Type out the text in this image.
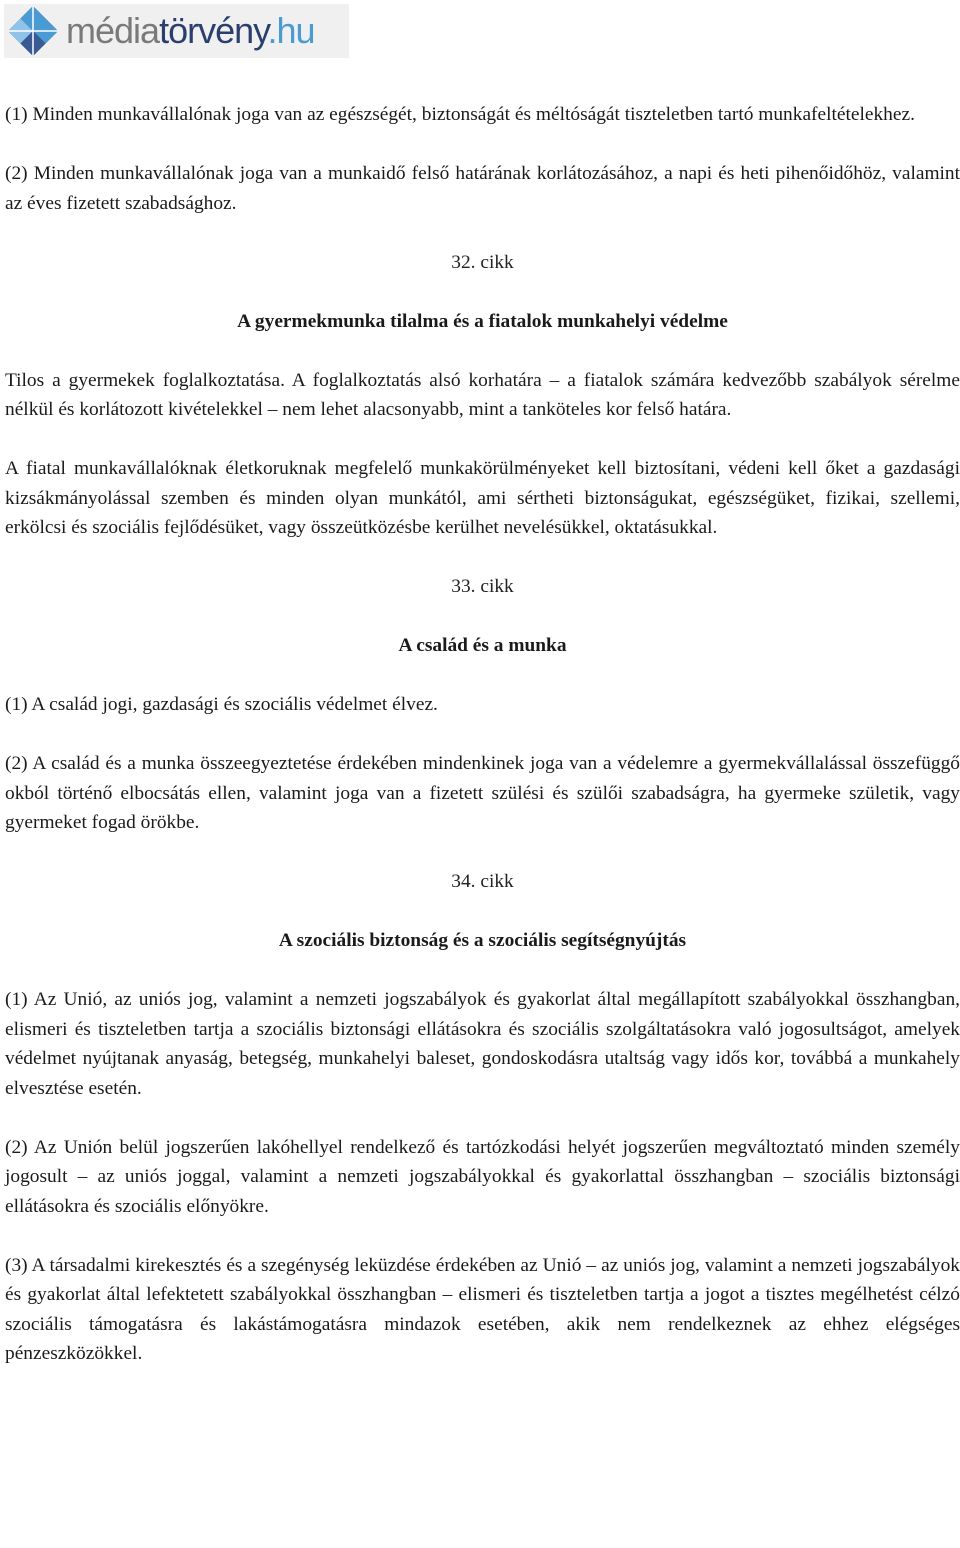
médiatörvény.hu

(1) Minden munkavállalónak joga van az egészségét, biztonságát és méltóságát tiszteletben tartó munkafeltételekhez.

(2) Minden munkavállalónak joga van a munkaidő felső határának korlátozásához, a napi és heti pihenőidőhöz, valamint az éves fizetett szabadsághoz.

32. cikk

A gyermekmunka tilalma és a fiatalok munkahelyi védelme

Tilos a gyermekek foglalkoztatása. A foglalkoztatás alsó korhatára – a fiatalok számára kedvezőbb szabályok sérelme nélkül és korlátozott kivételekkel – nem lehet alacsonyabb, mint a tanköteles kor felső határa.

A fiatal munkavállalóknak életkoruknak megfelelő munkakörülményeket kell biztosítani, védeni kell őket a gazdasági kizsákmányolással szemben és minden olyan munkától, ami sértheti biztonságukat, egészségüket, fizikai, szellemi, erkölcsi és szociális fejlődésüket, vagy összeütközésbe kerülhet nevelésükkel, oktatásukkal.

33. cikk

A család és a munka

(1) A család jogi, gazdasági és szociális védelmet élvez.

(2) A család és a munka összeegyeztetése érdekében mindenkinek joga van a védelemre a gyermekvállalással összefüggő okból történő elbocsátás ellen, valamint joga van a fizetett szülési és szülői szabadságra, ha gyermeke születik, vagy gyermeket fogad örökbe.

34. cikk

A szociális biztonság és a szociális segítségnyújtás

(1) Az Unió, az uniós jog, valamint a nemzeti jogszabályok és gyakorlat által megállapított szabályokkal összhangban, elismeri és tiszteletben tartja a szociális biztonsági ellátásokra és szociális szolgáltatásokra való jogosultságot, amelyek védelmet nyújtanak anyaság, betegség, munkahelyi baleset, gondoskodásra utaltság vagy idős kor, továbbá a munkahely elvesztése esetén.

(2) Az Unión belül jogszerűen lakóhellyel rendelkező és tartózkodási helyét jogszerűen megváltoztató minden személy jogosult – az uniós joggal, valamint a nemzeti jogszabályokkal és gyakorlattal összhangban – szociális biztonsági ellátásokra és szociális előnyökre.

(3) A társadalmi kirekesztés és a szegénység leküzdése érdekében az Unió – az uniós jog, valamint a nemzeti jogszabályok és gyakorlat által lefektetett szabályokkal összhangban – elismeri és tiszteletben tartja a jogot a tisztes megélhetést célzó szociális támogatásra és lakástámogatásra mindazok esetében, akik nem rendelkeznek az ehhez elégséges pénzeszközökkel.
